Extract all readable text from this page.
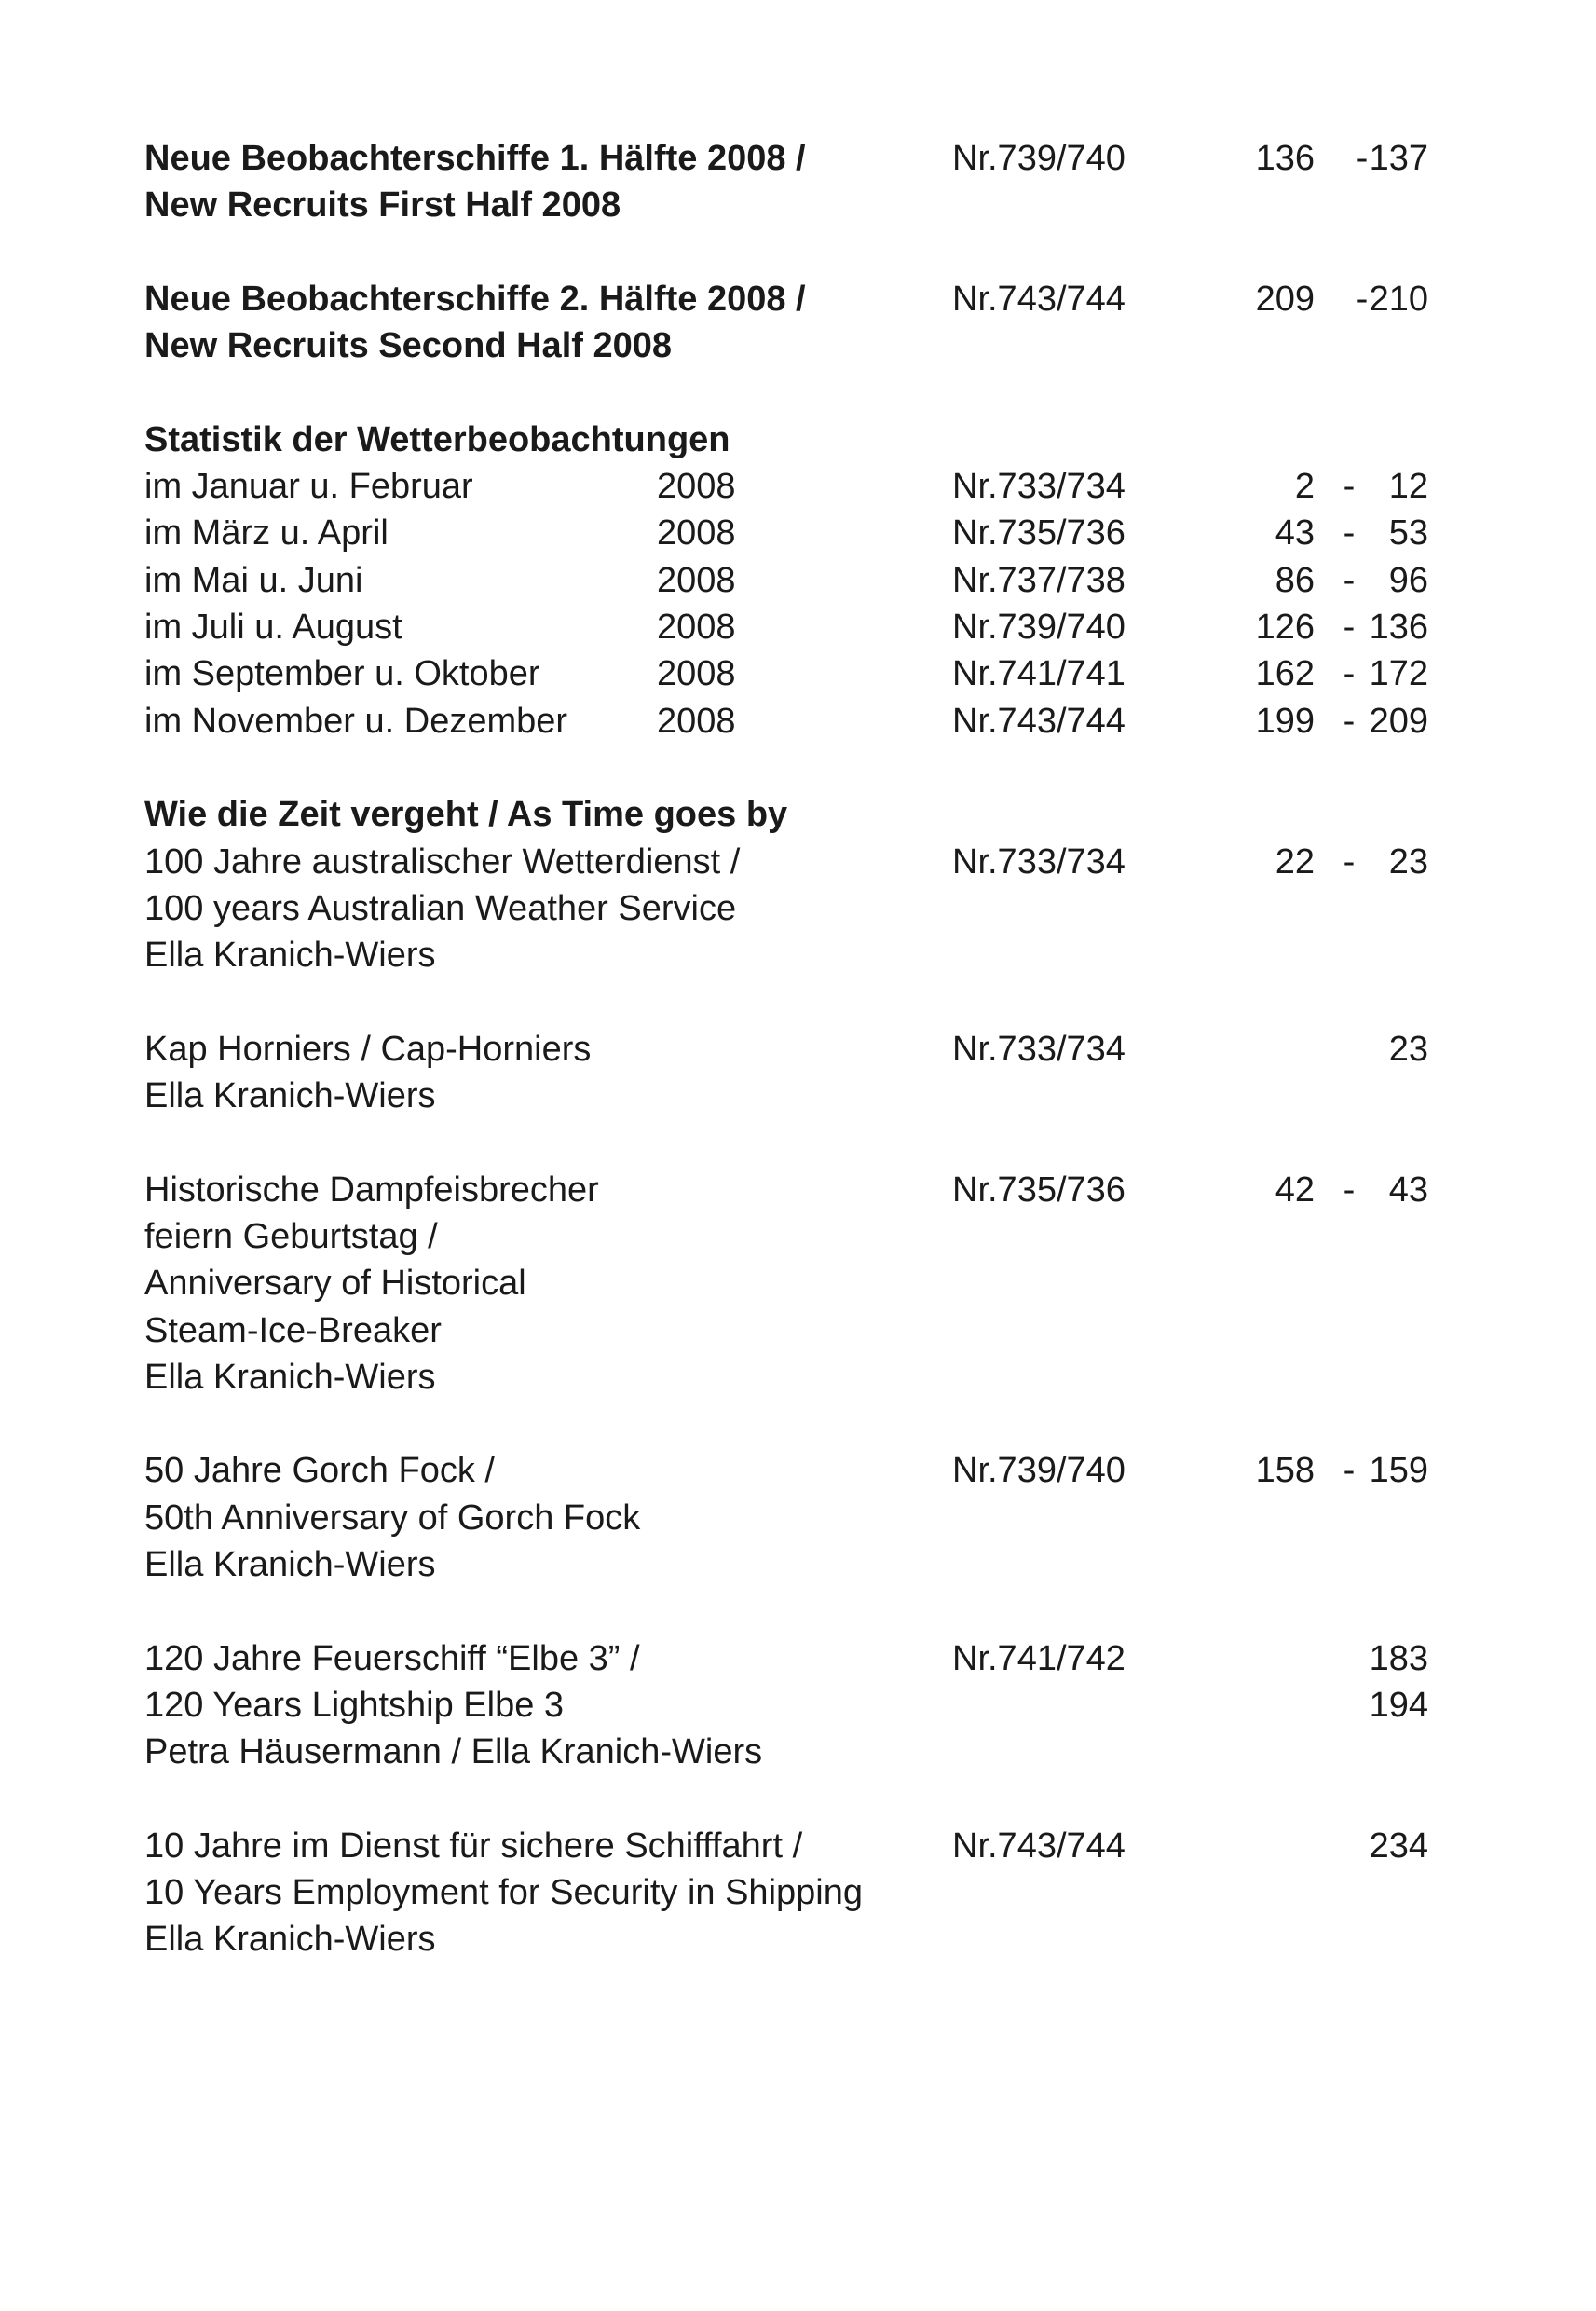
Neue Beobachterschiffe 1. Hälfte 2008 /	Nr.739/740	136	- 137
New Recruits First Half 2008
Neue Beobachterschiffe 2. Hälfte 2008 /	Nr.743/744	209	- 210
New Recruits Second Half 2008
Statistik der Wetterbeobachtungen
im Januar u. Februar	2008	Nr.733/734	2 - 12
im März u. April	2008	Nr.735/736	43 - 53
im Mai u. Juni	2008	Nr.737/738	86 - 96
im Juli u. August	2008	Nr.739/740	126 - 136
im September u. Oktober	2008	Nr.741/741	162 - 172
im November u. Dezember	2008	Nr.743/744	199 - 209
Wie die Zeit vergeht / As Time goes by
100 Jahre australischer Wetterdienst /	Nr.733/734	22 - 23
100 years Australian Weather Service
Ella Kranich-Wiers
Kap Horniers / Cap-Horniers	Nr.733/734	23
Ella Kranich-Wiers
Historische Dampfeisbrecher	Nr.735/736	42 - 43
feiern Geburtstag /
Anniversary of Historical
Steam-Ice-Breaker
Ella Kranich-Wiers
50 Jahre Gorch Fock /	Nr.739/740	158 - 159
50th Anniversary of Gorch Fock
Ella Kranich-Wiers
120 Jahre Feuerschiff “Elbe 3” /	Nr.741/742	183
120 Years Lightship Elbe 3	194
Petra Häusermann / Ella Kranich-Wiers
10 Jahre im Dienst für sichere Schifffahrt /	Nr.743/744	234
10 Years Employment for Security in Shipping
Ella Kranich-Wiers
